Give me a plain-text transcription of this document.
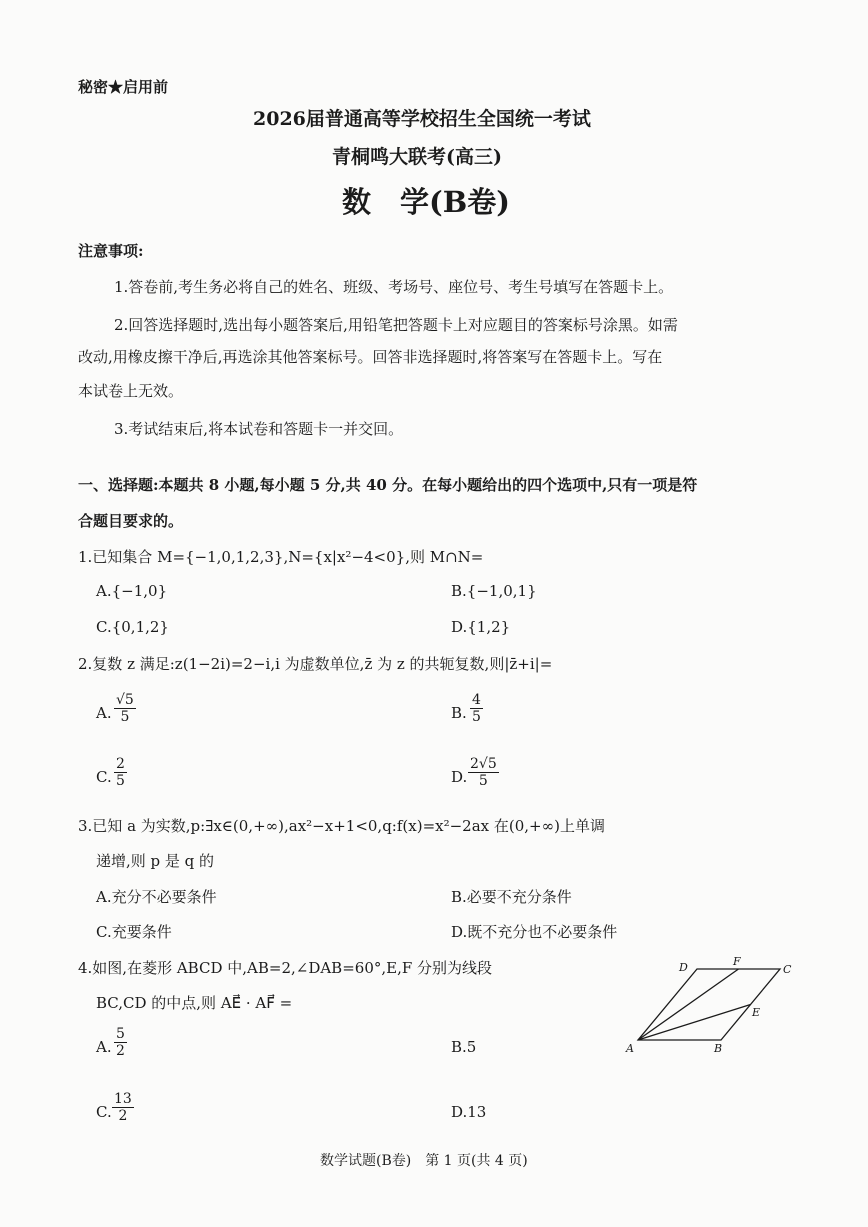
秘密★启用前
2026届普通高等学校招生全国统一考试
青桐鸣大联考(高三)
数　学(B卷)
注意事项:
1.答卷前,考生务必将自己的姓名、班级、考场号、座位号、考生号填写在答题卡上。
2.回答选择题时,选出每小题答案后,用铅笔把答题卡上对应题目的答案标号涂黑。如需
改动,用橡皮擦干净后,再选涂其他答案标号。回答非选择题时,将答案写在答题卡上。写在
本试卷上无效。
3.考试结束后,将本试卷和答题卡一并交回。
一、选择题:本题共 8 小题,每小题 5 分,共 40 分。在每小题给出的四个选项中,只有一项是符
合题目要求的。
1.已知集合 M={−1,0,1,2,3},N={x|x²−4<0},则 M∩N=
A.{−1,0}	B.{−1,0,1}
C.{0,1,2}	D.{1,2}
2.复数 z 满足:z(1−2i)=2−i,i 为虚数单位,z̄ 为 z 的共轭复数,则|z̄+i|=
A. $\frac{√5}{5}$	B. $\frac{4}{5}$
C. $\frac{2}{5}$	D. $\frac{2√5}{5}$
3.已知 a 为实数,p:∃x∈(0,+∞),ax²−x+1<0,q:f(x)=x²−2ax 在(0,+∞)上单调
递增,则 p 是 q 的
A.充分不必要条件	B.必要不充分条件
C.充要条件	D.既不充分也不必要条件
4.如图,在菱形 ABCD 中,AB=2,∠DAB=60°,E,F 分别为线段
BC,CD 的中点,则 AE⃗ · AF⃗ =
A. $\frac{5}{2}$	B.5
C. $\frac{13}{2}$	D.13
D	F
C
E
A	B
数学试题(B卷)　第 1 页(共 4 页)
